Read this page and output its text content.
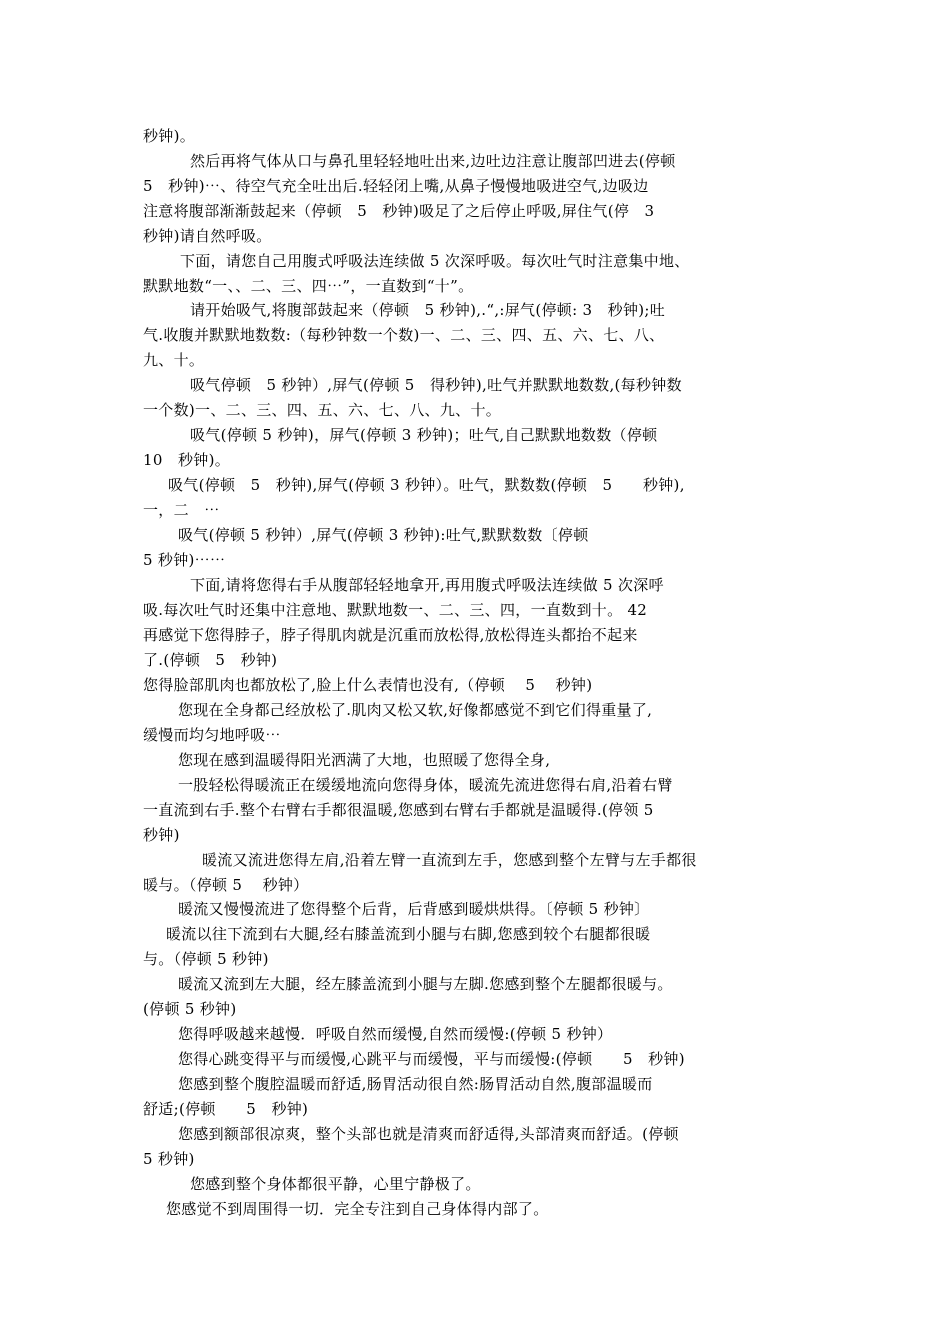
秒钟)。
然后再将气体从口与鼻孔里轻轻地吐出来,边吐边注意让腹部凹进去(停顿
5　秒钟)⋯、待空气充全吐出后.轻轻闭上嘴,从鼻子慢慢地吸进空气,边吸边
注意将腹部渐渐鼓起来（停顿　5　秒钟)吸足了之后停止呼吸,屏住气(停　3
秒钟)请自然呼吸。
下面，请您自己用腹式呼吸法连续做 5 次深呼吸。每次吐气时注意集中地、
默默地数“一、、二、三、四⋯”，一直数到“十”。
请开始吸气,将腹部鼓起来（停顿　5 秒钟),.“,:屏气(停顿: 3　秒钟);吐
气.收腹并默默地数数:（每秒钟数一个数)一、二、三、四、五、六、七、八、
九、十。
吸气停顿　5 秒钟）,屏气(停顿 5　得秒钟),吐气并默默地数数,(每秒钟数
一个数)一、二、三、四、五、六、七、八、九、十。
吸气(停顿 5 秒钟)，屏气(停顿 3 秒钟)；吐气,自己默默地数数（停顿
10　秒钟)。
吸气(停顿　5　秒钟),屏气(停顿 3 秒钟）。吐气，默数数(停顿　5　　秒钟),
一，二　⋯
吸气(停顿 5 秒钟）,屏气(停顿 3 秒钟):吐气,默默数数〔停顿
5 秒钟)⋯⋯
下面,请将您得右手从腹部轻轻地拿开,再用腹式呼吸法连续做 5 次深呼
吸.每次吐气时还集中注意地、默默地数一、二、三、四，一直数到十。 42
再感觉下您得脖子，脖子得肌肉就是沉重而放松得,放松得连头都抬不起来
了.(停顿　5　秒钟)
您得脸部肌肉也都放松了,脸上什么表情也没有,（停顿　 5　 秒钟)
您现在全身都己经放松了.肌肉又松又软,好像都感觉不到它们得重量了,
缓慢而均匀地呼吸⋯
您现在感到温暖得阳光洒满了大地，也照暖了您得全身,
一股轻松得暖流正在缓缓地流向您得身体，暖流先流进您得右肩,沿着右臂
一直流到右手.整个右臂右手都很温暖,您感到右臂右手都就是温暖得.(停领 5
秒钟)
暖流又流进您得左肩,沿着左臂一直流到左手，您感到整个左臂与左手都很
暖与。（停顿 5　 秒钟）
暖流又慢慢流进了您得整个后背，后背感到暖烘烘得。〔停顿 5 秒钟〕
暖流以往下流到右大腿,经右膝盖流到小腿与右脚,您感到较个右腿都很暖
与。（停顿 5 秒钟)
暖流又流到左大腿，经左膝盖流到小腿与左脚.您感到整个左腿都很暖与。
(停顿 5 秒钟)
您得呼吸越来越慢．呼吸自然而缓慢,自然而缓慢:(停顿 5 秒钟）
您得心跳变得平与而缓慢,心跳平与而缓慢，平与而缓慢:(停顿　　5　秒钟)
您感到整个腹腔温暖而舒适,肠胃活动很自然:肠胃活动自然,腹部温暖而
舒适;(停顿　　5　秒钟)
您感到额部很凉爽，整个头部也就是清爽而舒适得,头部清爽而舒适。(停顿
5 秒钟)
您感到整个身体都很平静，心里宁静极了。
您感觉不到周围得一切．完全专注到自己身体得内部了。
